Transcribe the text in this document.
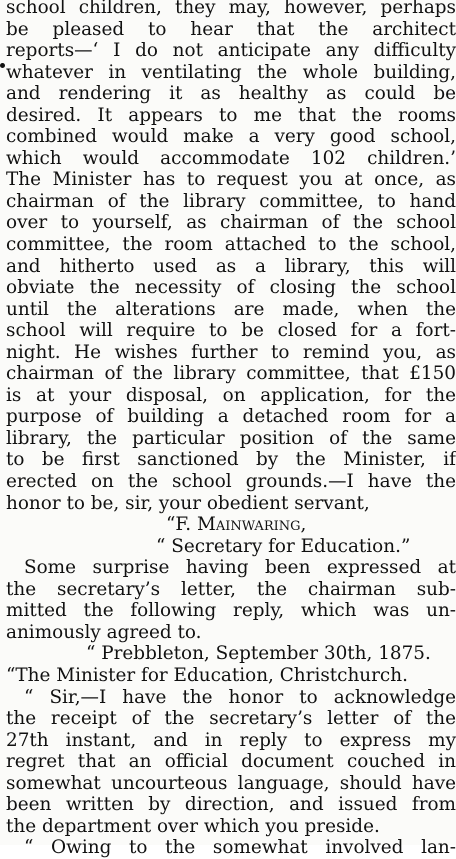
school children, they may, however, perhaps
be pleased to hear that the architect
reports—‘ I do not anticipate any difficulty
whatever in ventilating the whole building,
and rendering it as healthy as could be
desired. It appears to me that the rooms
combined would make a very good school,
which would accommodate 102 children.’
The Minister has to request you at once, as
chairman of the library committee, to hand
over to yourself, as chairman of the school
committee, the room attached to the school,
and hitherto used as a library, this will
obviate the necessity of closing the school
until the alterations are made, when the
school will require to be closed for a fort-
night. He wishes further to remind you, as
chairman of the library committee, that £150
is at your disposal, on application, for the
purpose of building a detached room for a
library, the particular position of the same
to be first sanctioned by the Minister, if
erected on the school grounds.—I have the
honor to be, sir, your obedient servant,
“F. Mainwaring,
“ Secretary for Education.”
Some surprise having been expressed at
the secretary’s letter, the chairman sub-
mitted the following reply, which was un-
animously agreed to.
“ Prebbleton, September 30th, 1875.
“The Minister for Education, Christchurch.
“ Sir,—I have the honor to acknowledge
the receipt of the secretary’s letter of the
27th instant, and in reply to express my
regret that an official document couched in
somewhat uncourteous language, should have
been written by direction, and issued from
the department over which you preside.
“ Owing to the somewhat involved lan-
